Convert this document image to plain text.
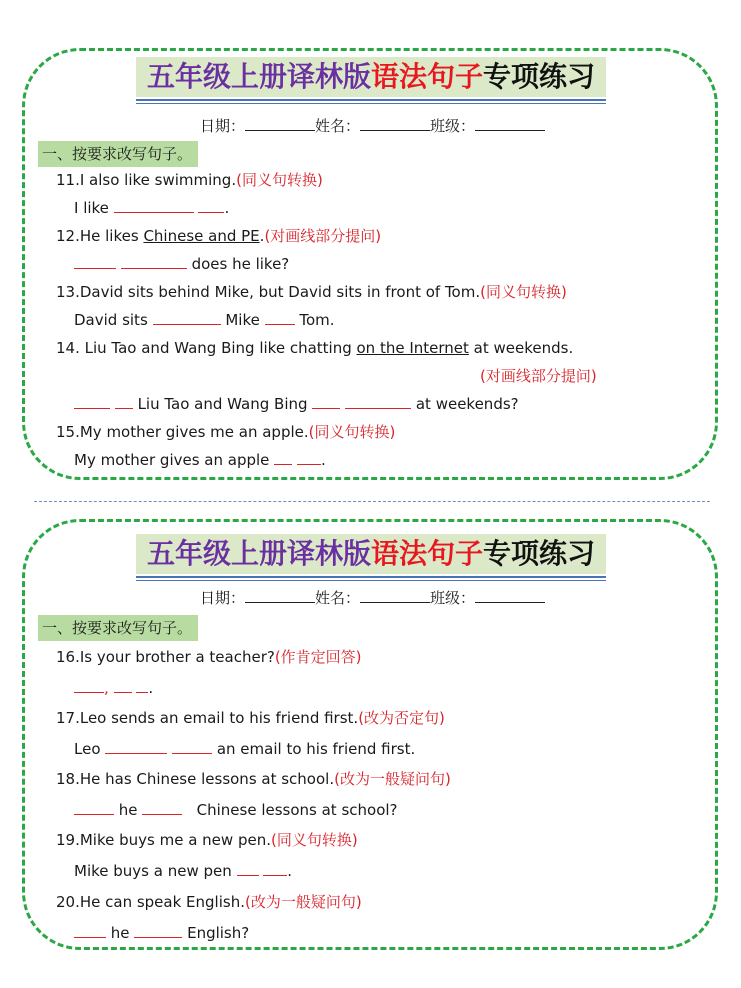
五年级上册译林版语法句子专项练习
日期：	姓名：	班级：
一、按要求改写句子。
11.I also like swimming.(同义句转换)
I like	.
12.He likes Chinese and PE.(对画线部分提问)
does he like?
13.David sits behind Mike, but David sits in front of Tom.(同义句转换)
David sits	Mike	Tom.
14. Liu Tao and Wang Bing like chatting on the Internet at weekends.
(对画线部分提问)
Liu Tao and Wang Bing	at weekends?
15.My mother gives me an apple.(同义句转换)
My mother gives an apple	.
五年级上册译林版语法句子专项练习
日期：	姓名：	班级：
一、按要求改写句子。
16.Is your brother a teacher?(作肯定回答)
,	.
17.Leo sends an email to his friend first.(改为否定句)
Leo	an email to his friend first.
18.He has Chinese lessons at school.(改为一般疑问句)
he	Chinese lessons at school?
19.Mike buys me a new pen.(同义句转换)
Mike buys a new pen	.
20.He can speak English.(改为一般疑问句)
he	English?
